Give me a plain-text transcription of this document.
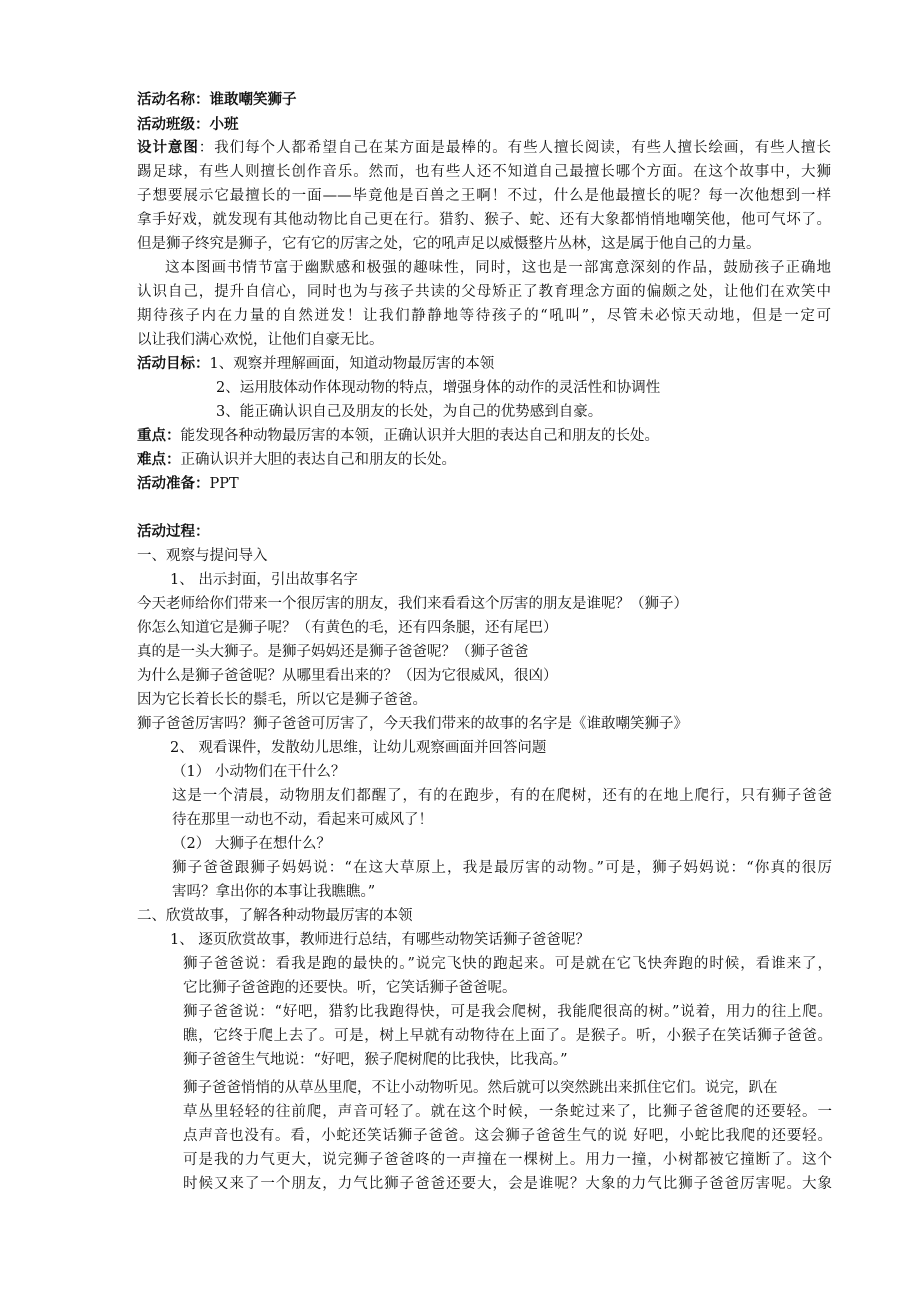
活动名称：谁敢嘲笑狮子
活动班级：小班
设计意图：我们每个人都希望自己在某方面是最棒的。有些人擅长阅读，有些人擅长绘画，有些人擅长
踢足球，有些人则擅长创作音乐。然而，也有些人还不知道自己最擅长哪个方面。在这个故事中，大狮
子想要展示它最擅长的一面——毕竟他是百兽之王啊！不过，什么是他最擅长的呢？每一次他想到一样
拿手好戏，就发现有其他动物比自己更在行。猎豹、猴子、蛇、还有大象都悄悄地嘲笑他，他可气坏了。
但是狮子终究是狮子，它有它的厉害之处，它的吼声足以威慑整片丛林，这是属于他自己的力量。
这本图画书情节富于幽默感和极强的趣味性，同时，这也是一部寓意深刻的作品，鼓励孩子正确地
认识自己，提升自信心，同时也为与孩子共读的父母矫正了教育理念方面的偏颇之处，让他们在欢笑中
期待孩子内在力量的自然迸发！让我们静静地等待孩子的“吼叫”，尽管未必惊天动地，但是一定可
以让我们满心欢悦，让他们自豪无比。
活动目标：1、观察并理解画面，知道动物最厉害的本领
2、运用肢体动作体现动物的特点，增强身体的动作的灵活性和协调性
3、能正确认识自己及朋友的长处，为自己的优势感到自豪。
重点：能发现各种动物最厉害的本领，正确认识并大胆的表达自己和朋友的长处。
难点：正确认识并大胆的表达自己和朋友的长处。
活动准备：PPT
活动过程：
一、观察与提问导入
1、 出示封面，引出故事名字
今天老师给你们带来一个很厉害的朋友，我们来看看这个厉害的朋友是谁呢？（狮子）
你怎么知道它是狮子呢？（有黄色的毛，还有四条腿，还有尾巴）
真的是一头大狮子。是狮子妈妈还是狮子爸爸呢？（狮子爸爸
为什么是狮子爸爸呢？从哪里看出来的？（因为它很威风，很凶）
因为它长着长长的鬃毛，所以它是狮子爸爸。
狮子爸爸厉害吗？狮子爸爸可厉害了，今天我们带来的故事的名字是《谁敢嘲笑狮子》
2、 观看课件，发散幼儿思维，让幼儿观察画面并回答问题
（1） 小动物们在干什么？
这是一个清晨，动物朋友们都醒了，有的在跑步，有的在爬树，还有的在地上爬行，只有狮子爸爸
待在那里一动也不动，看起来可威风了！
（2） 大狮子在想什么？
狮子爸爸跟狮子妈妈说：“在这大草原上，我是最厉害的动物。”可是，狮子妈妈说：“你真的很厉
害吗？拿出你的本事让我瞧瞧。”
二、欣赏故事，了解各种动物最厉害的本领
1、 逐页欣赏故事，教师进行总结，有哪些动物笑话狮子爸爸呢？
狮子爸爸说：看我是跑的最快的。”说完飞快的跑起来。可是就在它飞快奔跑的时候，看谁来了，
它比狮子爸爸跑的还要快。听，它笑话狮子爸爸呢。
狮子爸爸说：“好吧，猎豹比我跑得快，可是我会爬树，我能爬很高的树。”说着，用力的往上爬。
瞧，它终于爬上去了。可是，树上早就有动物待在上面了。是猴子。听，小猴子在笑话狮子爸爸。
狮子爸爸生气地说：“好吧，猴子爬树爬的比我快，比我高。”
狮子爸爸悄悄的从草丛里爬，不让小动物听见。然后就可以突然跳出来抓住它们。说完，趴在
草丛里轻轻的往前爬，声音可轻了。就在这个时候，一条蛇过来了，比狮子爸爸爬的还要轻。一
点声音也没有。看，小蛇还笑话狮子爸爸。这会狮子爸爸生气的说 好吧，小蛇比我爬的还要轻。
可是我的力气更大，说完狮子爸爸咚的一声撞在一棵树上。用力一撞，小树都被它撞断了。这个
时候又来了一个朋友，力气比狮子爸爸还要大，会是谁呢？大象的力气比狮子爸爸厉害呢。大象
